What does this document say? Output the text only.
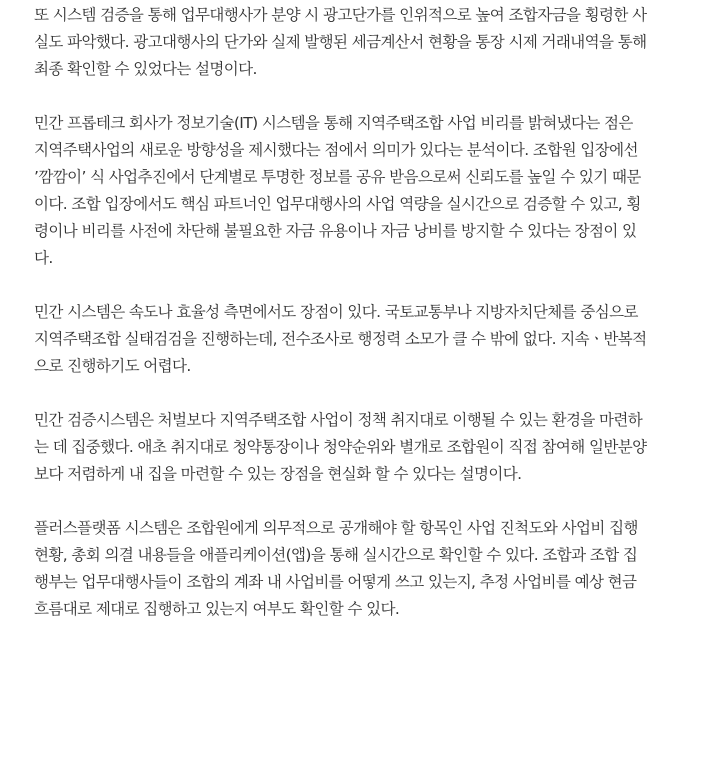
또 시스템 검증을 통해 업무대행사가 분양 시 광고단가를 인위적으로 높여 조합자금을 횡령한 사
실도 파악했다. 광고대행사의 단가와 실제 발행된 세금계산서 현황을 통장 시제 거래내역을 통해
최종 확인할 수 있었다는 설명이다.

민간 프롭테크 회사가 정보기술(IT) 시스템을 통해 지역주택조합 사업 비리를 밝혀냈다는 점은
지역주택사업의 새로운 방향성을 제시했다는 점에서 의미가 있다는 분석이다. 조합원 입장에선
’깜깜이’ 식 사업추진에서 단계별로 투명한 정보를 공유 받음으로써 신뢰도를 높일 수 있기 때문
이다. 조합 입장에서도 핵심 파트너인 업무대행사의 사업 역량을 실시간으로 검증할 수 있고, 횡
령이나 비리를 사전에 차단해 불필요한 자금 유용이나 자금 낭비를 방지할 수 있다는 장점이 있
다.

민간 시스템은 속도나 효율성 측면에서도 장점이 있다. 국토교통부나 지방자치단체를 중심으로
지역주택조합 실태검검을 진행하는데, 전수조사로 행정력 소모가 클 수 밖에 없다. 지속ㆍ반복적
으로 진행하기도 어렵다.

민간 검증시스템은 처벌보다 지역주택조합 사업이 정책 취지대로 이행될 수 있는 환경을 마련하
는 데 집중했다. 애초 취지대로 청약통장이나 청약순위와 별개로 조합원이 직접 참여해 일반분양
보다 저렴하게 내 집을 마련할 수 있는 장점을 현실화 할 수 있다는 설명이다.

플러스플랫폼 시스템은 조합원에게 의무적으로 공개해야 할 항목인 사업 진척도와 사업비 집행
현황, 총회 의결 내용들을 애플리케이션(앱)을 통해 실시간으로 확인할 수 있다. 조합과 조합 집
행부는 업무대행사들이 조합의 계좌 내 사업비를 어떻게 쓰고 있는지, 추정 사업비를 예상 현금
흐름대로 제대로 집행하고 있는지 여부도 확인할 수 있다.
